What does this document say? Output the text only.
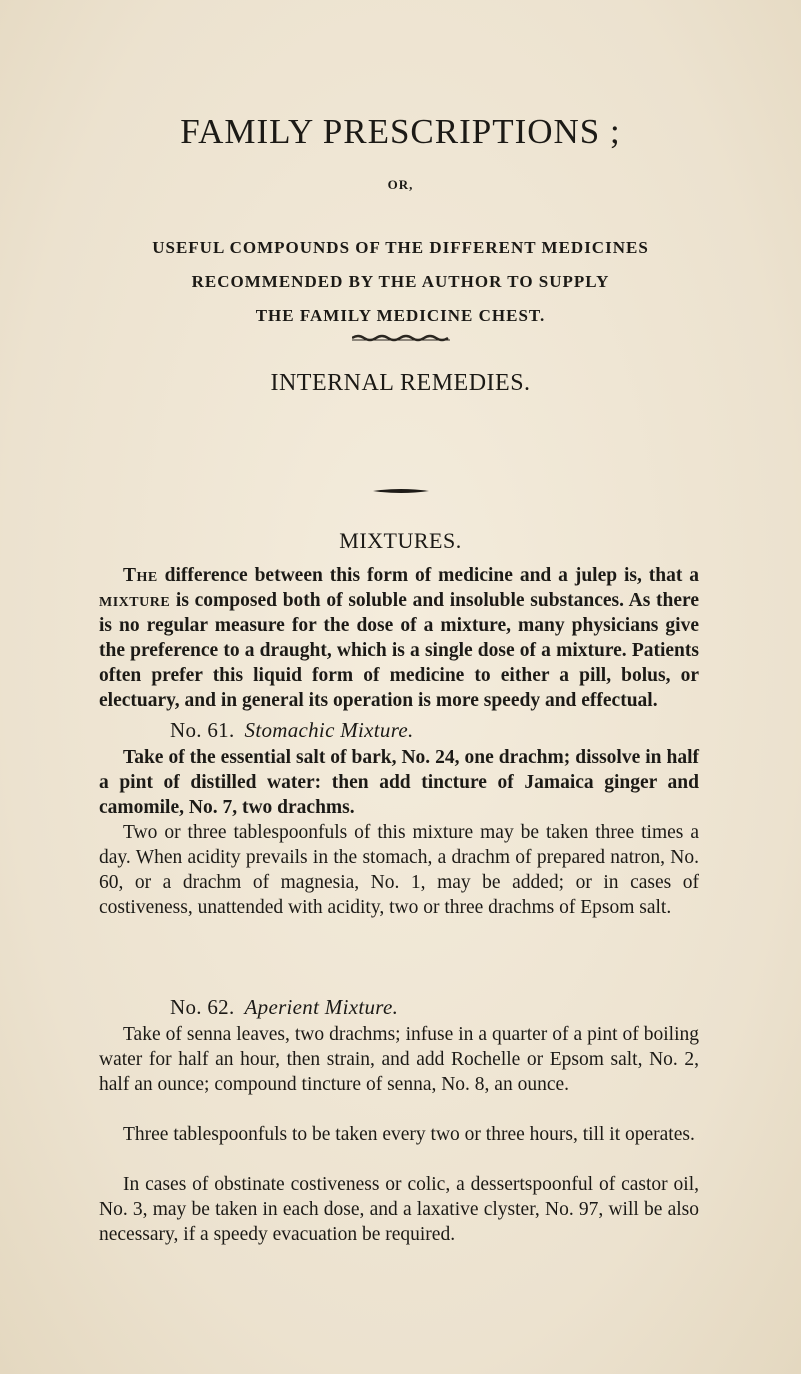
FAMILY PRESCRIPTIONS ;
OR,
USEFUL COMPOUNDS OF THE DIFFERENT MEDICINES
RECOMMENDED BY THE AUTHOR TO SUPPLY
THE FAMILY MEDICINE CHEST.
INTERNAL REMEDIES.
MIXTURES.

The difference between this form of medicine and a julep is, that a mixture is composed both of soluble and insoluble substances. As there is no regular measure for the dose of a mixture, many physicians give the preference to a draught, which is a single dose of a mixture. Patients often prefer this liquid form of medicine to either a pill, bolus, or electuary, and in general its operation is more speedy and effectual.

No. 61. Stomachic Mixture.

Take of the essential salt of bark, No. 24, one drachm; dissolve in half a pint of distilled water: then add tincture of Jamaica ginger and camomile, No. 7, two drachms.

Two or three tablespoonfuls of this mixture may be taken three times a day. When acidity prevails in the stomach, a drachm of prepared natron, No. 60, or a drachm of magnesia, No. 1, may be added; or in cases of costiveness, unattended with acidity, two or three drachms of Epsom salt.

No. 62. Aperient Mixture.

Take of senna leaves, two drachms; infuse in a quarter of a pint of boiling water for half an hour, then strain, and add Rochelle or Epsom salt, No. 2, half an ounce; compound tincture of senna, No. 8, an ounce.

Three tablespoonfuls to be taken every two or three hours, till it operates.

In cases of obstinate costiveness or colic, a dessertspoonful of castor oil, No. 3, may be taken in each dose, and a laxative clyster, No. 97, will be also necessary, if a speedy evacuation be required.
